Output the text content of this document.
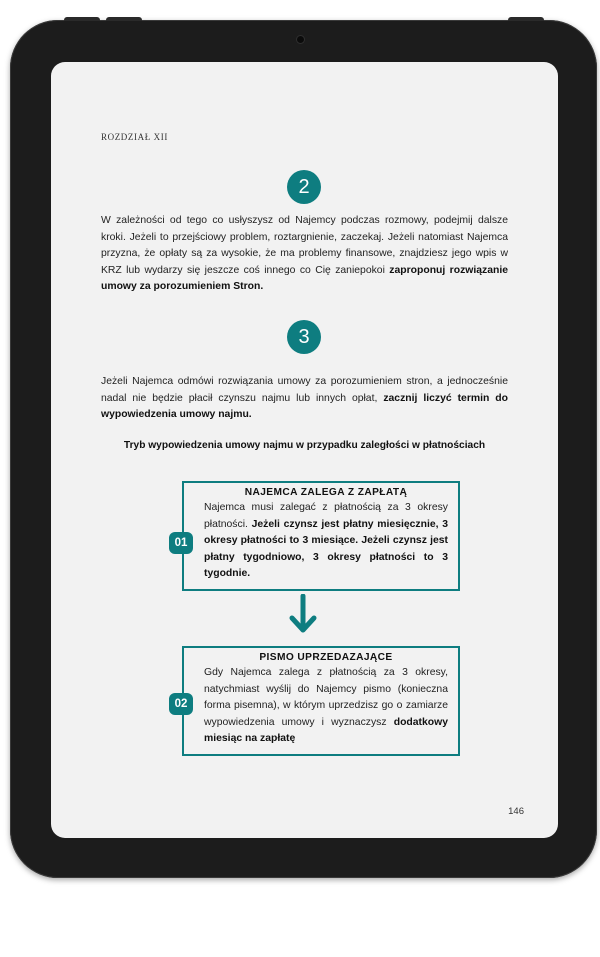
ROZDZIAŁ XII
2
W zależności od tego co usłyszysz od Najemcy podczas rozmowy, podejmij dalsze kroki. Jeżeli to przejściowy problem, roztargnienie, zaczekaj. Jeżeli natomiast Najemca przyzna, że opłaty są za wysokie, że ma problemy finansowe, znajdziesz jego wpis w KRZ lub wydarzy się jeszcze coś innego co Cię zaniepokoi zaproponuj rozwiązanie umowy za porozumieniem Stron.
3
Jeżeli Najemca odmówi rozwiązania umowy za porozumieniem stron, a jednocześnie nadal nie będzie płacił czynszu najmu lub innych opłat, zacznij liczyć termin do wypowiedzenia umowy najmu.
Tryb wypowiedzenia umowy najmu w przypadku zaległości w płatnościach
NAJEMCA ZALEGA Z ZAPŁATĄ
Najemca musi zalegać z płatnością za 3 okresy płatności. Jeżeli czynsz jest płatny miesięcznie, 3 okresy płatności to 3 miesiące. Jeżeli czynsz jest płatny tygodniowo, 3 okresy płatności to 3 tygodnie.
01
PISMO UPRZEDAZAJĄCE
Gdy Najemca zalega z płatnością za 3 okresy, natychmiast wyślij do Najemcy pismo (konieczna forma pisemna), w którym uprzedzisz go o zamiarze wypowiedzenia umowy i wyznaczysz dodatkowy miesiąc na zapłatę
02
146
